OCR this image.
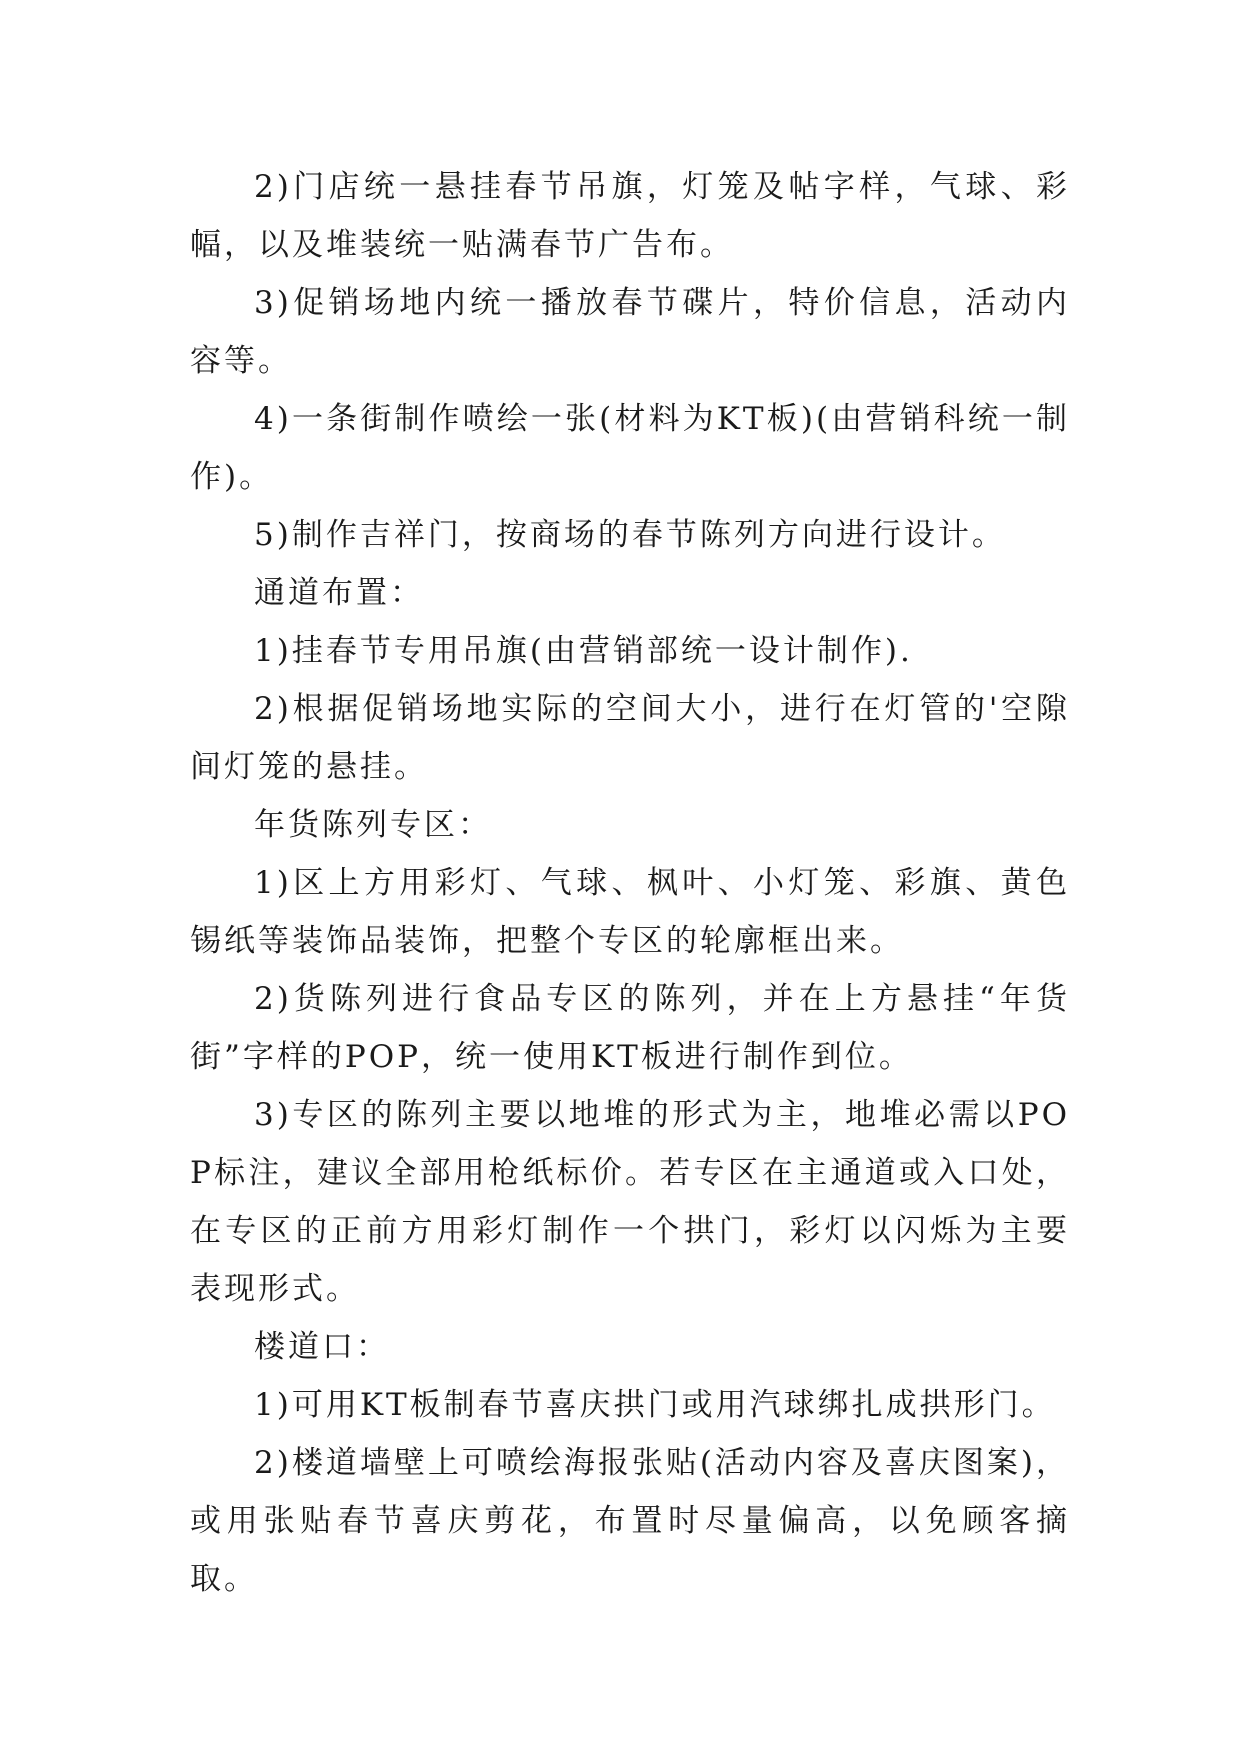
2)门店统一悬挂春节吊旗，灯笼及帖字样，气球、彩幅，以及堆装统一贴满春节广告布。

3)促销场地内统一播放春节碟片，特价信息，活动内容等。

4)一条街制作喷绘一张(材料为KT板)(由营销科统一制作)。

5)制作吉祥门，按商场的春节陈列方向进行设计。

通道布置：

1)挂春节专用吊旗(由营销部统一设计制作).

2)根据促销场地实际的空间大小，进行在灯管的'空隙间灯笼的悬挂。

年货陈列专区：

1)区上方用彩灯、气球、枫叶、小灯笼、彩旗、黄色锡纸等装饰品装饰，把整个专区的轮廓框出来。

2)货陈列进行食品专区的陈列，并在上方悬挂“年货街”字样的POP，统一使用KT板进行制作到位。

3)专区的陈列主要以地堆的形式为主，地堆必需以POP标注，建议全部用枪纸标价。若专区在主通道或入口处，在专区的正前方用彩灯制作一个拱门，彩灯以闪烁为主要表现形式。

楼道口：

1)可用KT板制春节喜庆拱门或用汽球绑扎成拱形门。

2)楼道墙壁上可喷绘海报张贴(活动内容及喜庆图案)，或用张贴春节喜庆剪花，布置时尽量偏高，以免顾客摘取。
